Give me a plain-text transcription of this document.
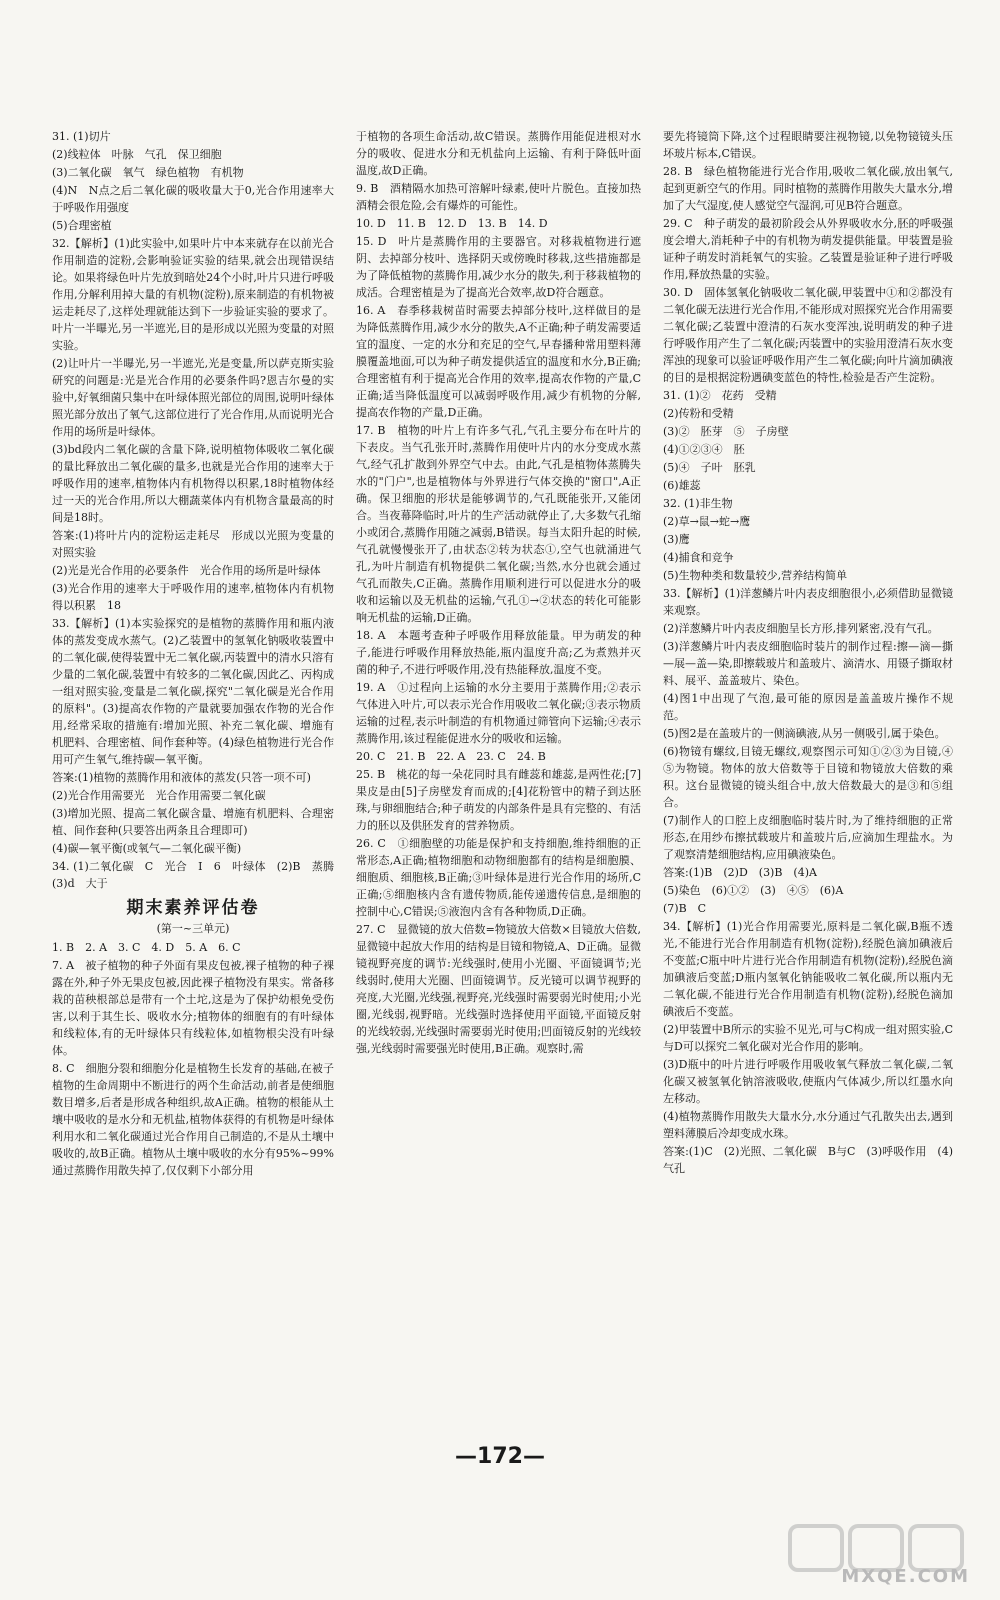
31. (1)切片

(2)线粒体　叶脉　气孔　保卫细胞

(3)二氧化碳　氧气　绿色植物　有机物

(4)N　N点之后二氧化碳的吸收量大于0,光合作用速率大于呼吸作用强度

(5)合理密植

32.【解析】(1)此实验中,如果叶片中本来就存在以前光合作用制造的淀粉,会影响验证实验的结果,就会出现错误结论。如果将绿色叶片先放到暗处24个小时,叶片只进行呼吸作用,分解利用掉大量的有机物(淀粉),原来制造的有机物被运走耗尽了,这样处理就能达到下一步验证实验的要求了。叶片一半曝光,另一半遮光,目的是形成以光照为变量的对照实验。

(2)让叶片一半曝光,另一半遮光,光是变量,所以萨克斯实验研究的问题是:光是光合作用的必要条件吗?恩吉尔曼的实验中,好氧细菌只集中在叶绿体照光部位的周围,说明叶绿体照光部分放出了氧气,这部位进行了光合作用,从而说明光合作用的场所是叶绿体。

(3)bd段内二氧化碳的含量下降,说明植物体吸收二氧化碳的量比释放出二氧化碳的量多,也就是光合作用的速率大于呼吸作用的速率,植物体内有机物得以积累,18时植物体经过一天的光合作用,所以大棚蔬菜体内有机物含量最高的时间是18时。

答案:(1)将叶片内的淀粉运走耗尽　形成以光照为变量的对照实验

(2)光是光合作用的必要条件　光合作用的场所是叶绿体

(3)光合作用的速率大于呼吸作用的速率,植物体内有机物得以积累　18

33.【解析】(1)本实验探究的是植物的蒸腾作用和瓶内液体的蒸发变成水蒸气。(2)乙装置中的氢氧化钠吸收装置中的二氧化碳,使得装置中无二氧化碳,丙装置中的清水只溶有少量的二氧化碳,装置中有较多的二氧化碳,因此乙、丙构成一组对照实验,变量是二氧化碳,探究"二氧化碳是光合作用的原料"。(3)提高农作物的产量就要加强农作物的光合作用,经常采取的措施有:增加光照、补充二氧化碳、增施有机肥料、合理密植、间作套种等。(4)绿色植物进行光合作用可产生氧气,维持碳—氧平衡。

答案:(1)植物的蒸腾作用和液体的蒸发(只答一项不可)

(2)光合作用需要光　光合作用需要二氧化碳

(3)增加光照、提高二氧化碳含量、增施有机肥料、合理密植、间作套种(只要答出两条且合理即可)

(4)碳—氧平衡(或氧气—二氧化碳平衡)

34. (1)二氧化碳　C　光合　Ⅰ　6　叶绿体　(2)B　蒸腾　(3)d　大于

期末素养评估卷
(第一~三单元)

1. B　2. A　3. C　4. D　5. A　6. C

7. A　被子植物的种子外面有果皮包被,裸子植物的种子裸露在外,种子外无果皮包被,因此裸子植物没有果实。常备移栽的苗秧根部总是带有一个土坨,这是为了保护幼根免受伤害,以利于其生长、吸收水分;植物体的细胞有的有叶绿体和线粒体,有的无叶绿体只有线粒体,如植物根尖没有叶绿体。

8. C　细胞分裂和细胞分化是植物生长发育的基础,在被子植物的生命周期中不断进行的两个生命活动,前者是使细胞数目增多,后者是形成各种组织,故A正确。植物的根能从土壤中吸收的是水分和无机盐,植物体获得的有机物是叶绿体利用水和二氧化碳通过光合作用自己制造的,不是从土壤中吸收的,故B正确。植物从土壤中吸收的水分有95%~99%通过蒸腾作用散失掉了,仅仅剩下小部分用

于植物的各项生命活动,故C错误。蒸腾作用能促进根对水分的吸收、促进水分和无机盐向上运输、有利于降低叶面温度,故D正确。

9. B　酒精隔水加热可溶解叶绿素,使叶片脱色。直接加热酒精会很危险,会有爆炸的可能性。

10. D　11. B　12. D　13. B　14. D

15. D　叶片是蒸腾作用的主要器官。对移栽植物进行遮阴、去掉部分枝叶、选择阴天或傍晚时移栽,这些措施都是为了降低植物的蒸腾作用,减少水分的散失,利于移栽植物的成活。合理密植是为了提高光合效率,故D符合题意。

16. A　春季移栽树苗时需要去掉部分枝叶,这样做目的是为降低蒸腾作用,减少水分的散失,A不正确;种子萌发需要适宜的温度、一定的水分和充足的空气,早春播种常用塑料薄膜覆盖地面,可以为种子萌发提供适宜的温度和水分,B正确;合理密植有利于提高光合作用的效率,提高农作物的产量,C正确;适当降低温度可以减弱呼吸作用,减少有机物的分解,提高农作物的产量,D正确。

17. B　植物的叶片上有许多气孔,气孔主要分布在叶片的下表皮。当气孔张开时,蒸腾作用使叶片内的水分变成水蒸气,经气孔扩散到外界空气中去。由此,气孔是植物体蒸腾失水的"门户",也是植物体与外界进行气体交换的"窗口",A正确。保卫细胞的形状是能够调节的,气孔既能张开,又能闭合。当夜幕降临时,叶片的生产活动就停止了,大多数气孔缩小或闭合,蒸腾作用随之减弱,B错误。每当太阳升起的时候,气孔就慢慢张开了,由状态②转为状态①,空气也就涌进气孔,为叶片制造有机物提供二氧化碳;当然,水分也就会通过气孔而散失,C正确。蒸腾作用顺利进行可以促进水分的吸收和运输以及无机盐的运输,气孔①→②状态的转化可能影响无机盐的运输,D正确。

18. A　本题考查种子呼吸作用释放能量。甲为萌发的种子,能进行呼吸作用释放热能,瓶内温度升高;乙为煮熟并灭菌的种子,不进行呼吸作用,没有热能释放,温度不变。

19. A　①过程向上运输的水分主要用于蒸腾作用;②表示气体进入叶片,可以表示光合作用吸收二氧化碳;③表示物质运输的过程,表示叶制造的有机物通过筛管向下运输;④表示蒸腾作用,该过程能促进水分的吸收和运输。

20. C　21. B　22. A　23. C　24. B

25. B　桃花的每一朵花同时具有雌蕊和雄蕊,是两性花;[7]果皮是由[5]子房壁发育而成的;[4]花粉管中的精子到达胚珠,与卵细胞结合;种子萌发的内部条件是具有完整的、有活力的胚以及供胚发育的营养物质。

26. C　①细胞壁的功能是保护和支持细胞,维持细胞的正常形态,A正确;植物细胞和动物细胞都有的结构是细胞膜、细胞质、细胞核,B正确;③叶绿体是进行光合作用的场所,C正确;⑤细胞核内含有遗传物质,能传递遗传信息,是细胞的控制中心,C错误;⑤液泡内含有各种物质,D正确。

27. C　显微镜的放大倍数=物镜放大倍数×目镜放大倍数,显微镜中起放大作用的结构是目镜和物镜,A、D正确。显微镜视野亮度的调节:光线强时,使用小光圈、平面镜调节;光线弱时,使用大光圈、凹面镜调节。反光镜可以调节视野的亮度,大光圈,光线强,视野亮,光线强时需要弱光时使用;小光圈,光线弱,视野暗。光线强时选择使用平面镜,平面镜反射的光线较弱,光线强时需要弱光时使用;凹面镜反射的光线较强,光线弱时需要强光时使用,B正确。观察时,需

要先将镜筒下降,这个过程眼睛要注视物镜,以免物镜镜头压坏玻片标本,C错误。

28. B　绿色植物能进行光合作用,吸收二氧化碳,放出氧气,起到更新空气的作用。同时植物的蒸腾作用散失大量水分,增加了大气湿度,使人感觉空气湿润,可见B符合题意。

29. C　种子萌发的最初阶段会从外界吸收水分,胚的呼吸强度会增大,消耗种子中的有机物为萌发提供能量。甲装置是验证种子萌发时消耗氧气的实验。乙装置是验证种子进行呼吸作用,释放热量的实验。

30. D　固体氢氧化钠吸收二氧化碳,甲装置中①和②都没有二氧化碳无法进行光合作用,不能形成对照探究光合作用需要二氧化碳;乙装置中澄清的石灰水变浑浊,说明萌发的种子进行呼吸作用产生了二氧化碳;丙装置中的实验用澄清石灰水变浑浊的现象可以验证呼吸作用产生二氧化碳;向叶片滴加碘液的目的是根据淀粉遇碘变蓝色的特性,检验是否产生淀粉。

31. (1)②　花药　受精

(2)传粉和受精

(3)②　胚芽　⑤　子房壁

(4)①②③④　胚

(5)④　子叶　胚乳

(6)雄蕊

32. (1)非生物

(2)草→鼠→蛇→鹰

(3)鹰

(4)捕食和竞争

(5)生物种类和数量较少,营养结构简单

33.【解析】(1)洋葱鳞片叶内表皮细胞很小,必须借助显微镜来观察。

(2)洋葱鳞片叶内表皮细胞呈长方形,排列紧密,没有气孔。

(3)洋葱鳞片叶内表皮细胞临时装片的制作过程:擦—滴—撕—展—盖—染,即擦载玻片和盖玻片、滴清水、用镊子撕取材料、展平、盖盖玻片、染色。

(4)图1中出现了气泡,最可能的原因是盖盖玻片操作不规范。

(5)图2是在盖玻片的一侧滴碘液,从另一侧吸引,属于染色。

(6)物镜有螺纹,目镜无螺纹,观察图示可知①②③为目镜,④⑤为物镜。物体的放大倍数等于目镜和物镜放大倍数的乘积。这台显微镜的镜头组合中,放大倍数最大的是③和⑤组合。

(7)制作人的口腔上皮细胞临时装片时,为了维持细胞的正常形态,在用纱布擦拭载玻片和盖玻片后,应滴加生理盐水。为了观察清楚细胞结构,应用碘液染色。

答案:(1)B　(2)D　(3)B　(4)A

(5)染色　(6)①②　(3)　④⑤　(6)A

(7)B　C

34.【解析】(1)光合作用需要光,原料是二氧化碳,B瓶不透光,不能进行光合作用制造有机物(淀粉),经脱色滴加碘液后不变蓝;C瓶中叶片进行光合作用制造有机物(淀粉),经脱色滴加碘液后变蓝;D瓶内氢氧化钠能吸收二氧化碳,所以瓶内无二氧化碳,不能进行光合作用制造有机物(淀粉),经脱色滴加碘液后不变蓝。

(2)甲装置中B所示的实验不见光,可与C构成一组对照实验,C与D可以探究二氧化碳对光合作用的影响。

(3)D瓶中的叶片进行呼吸作用吸收氧气释放二氧化碳,二氧化碳又被氢氧化钠溶液吸收,使瓶内气体减少,所以红墨水向左移动。

(4)植物蒸腾作用散失大量水分,水分通过气孔散失出去,遇到塑料薄膜后冷却变成水珠。

答案:(1)C　(2)光照、二氧化碳　B与C　(3)呼吸作用　(4)气孔

—172—
MXQE.COM
